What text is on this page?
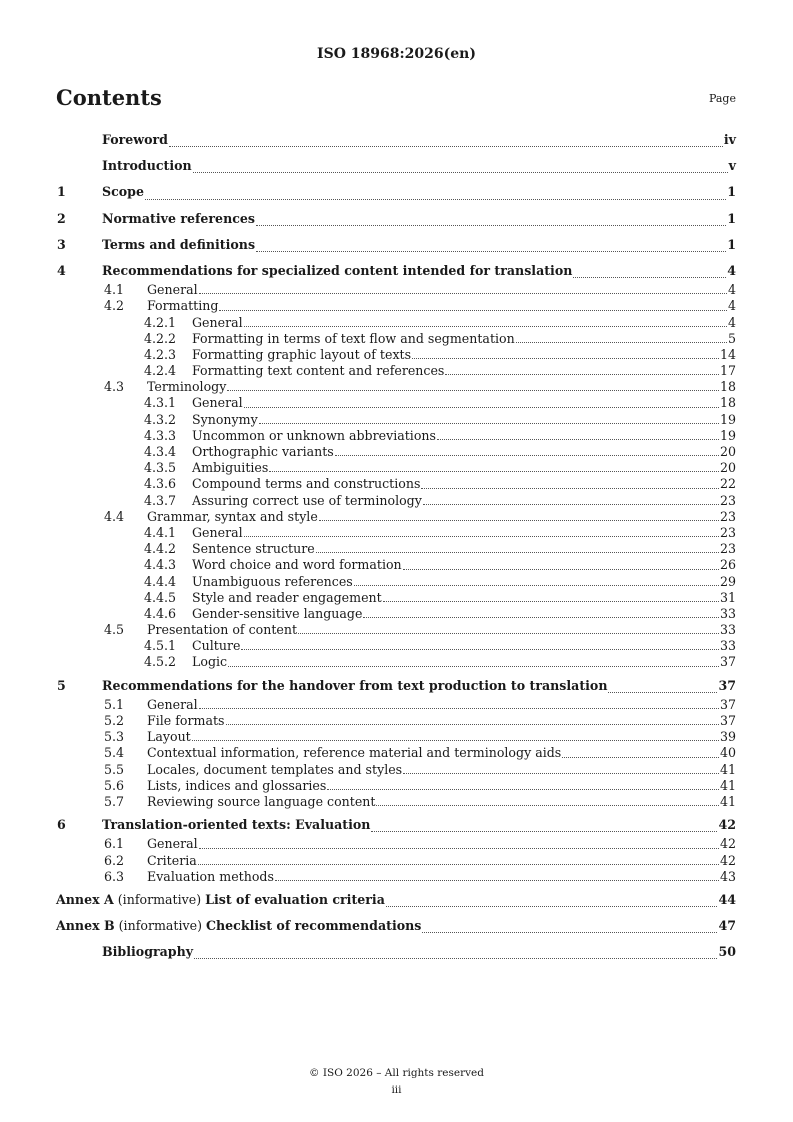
ISO 18968:2026(en)
Contents	Page
Foreword	iv
Introduction	v
1	Scope	1
2	Normative references	1
3	Terms and definitions	1
4	Recommendations for specialized content intended for translation	4
4.1 General	4
4.2 Formatting	4
4.2.1 General	4
4.2.2 Formatting in terms of text flow and segmentation	5
4.2.3 Formatting graphic layout of texts	14
4.2.4 Formatting text content and references	17
4.3 Terminology	18
4.3.1 General	18
4.3.2 Synonymy	19
4.3.3 Uncommon or unknown abbreviations	19
4.3.4 Orthographic variants	20
4.3.5 Ambiguities	20
4.3.6 Compound terms and constructions	22
4.3.7 Assuring correct use of terminology	23
4.4 Grammar, syntax and style	23
4.4.1 General	23
4.4.2 Sentence structure	23
4.4.3 Word choice and word formation	26
4.4.4 Unambiguous references	29
4.4.5 Style and reader engagement	31
4.4.6 Gender-sensitive language	33
4.5 Presentation of content	33
4.5.1 Culture	33
4.5.2 Logic	37
5	Recommendations for the handover from text production to translation	37
5.1 General	37
5.2 File formats	37
5.3 Layout	39
5.4 Contextual information, reference material and terminology aids	40
5.5 Locales, document templates and styles	41
5.6 Lists, indices and glossaries	41
5.7 Reviewing source language content	41
6	Translation-oriented texts: Evaluation	42
6.1 General	42
6.2 Criteria	42
6.3 Evaluation methods	43
Annex A (informative) List of evaluation criteria	44
Annex B (informative) Checklist of recommendations	47
Bibliography	50
© ISO 2026 – All rights reserved
iii
